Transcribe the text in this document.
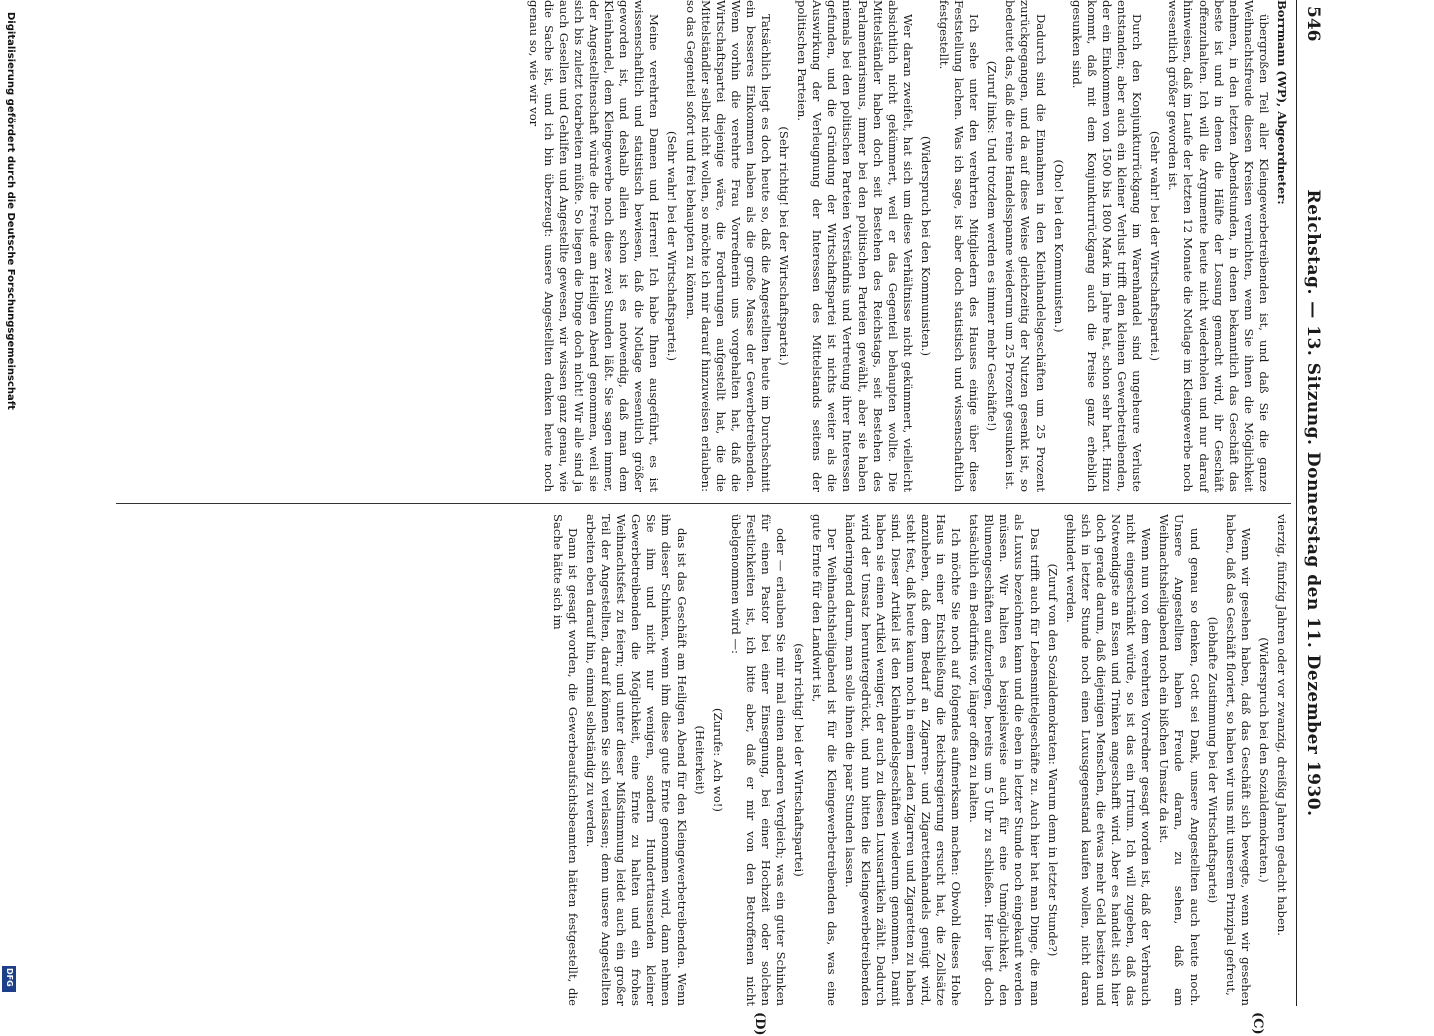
546
Reichstag. — 13. Sitzung. Donnerstag den 11. Dezember 1930.
(C)
(D)

Borrmann (WP), Abgeordneter:

übergroßen Teil aller Kleingewerbetreibenden ist, und daß Sie die ganze Weihnachtsfreude diesen Kreisen vernichten, wenn Sie ihnen die Möglichkeit nehmen, in den letzten Abendstunden, in denen bekanntlich das Geschäft das beste ist und in denen die Hälfte der Losung gemacht wird, ihr Geschäft offenzuhalten. Ich will die Argumente heute nicht wiederholen und nur darauf hinweisen, daß im Laufe der letzten 12 Monate die Notlage im Kleingewerbe noch wesentlich größer geworden ist.

(Sehr wahr! bei der Wirtschaftspartei.)

Durch den Konjunkturrückgang im Warenhandel sind ungeheure Verluste entstanden; aber auch ein kleiner Verlust trifft den kleinen Gewerbetreibenden, der ein Einkommen von 1500 bis 1800 Mark im Jahre hat, schon sehr hart. Hinzu kommt, daß mit dem Konjunkturrückgang auch die Preise ganz erheblich gesunken sind.

(Oho! bei den Kommunisten.)

Dadurch sind die Einnahmen in den Kleinhandelsgeschäften um 25 Prozent zurückgegangen, und da auf diese Weise gleichzeitig der Nutzen gesenkt ist, so bedeutet das, daß die reine Handelsspanne wiederum um 25 Prozent gesunken ist.

(Zuruf links: Und trotzdem werden es immer mehr Geschäfte!)

Ich sehe unter den verehrten Mitgliedern des Hauses einige über diese Feststellung lachen. Was ich sage, ist aber doch statistisch und wissenschaftlich festgestellt.

(Widerspruch bei den Kommunisten.)

Wer daran zweifelt, hat sich um diese Verhältnisse nicht gekümmert, vielleicht absichtlich nicht gekümmert, weil er das Gegenteil behaupten wollte. Die Mittelständler haben doch seit Bestehen des Reichstags, seit Bestehen des Parlamentarismus, immer bei den politischen Parteien gewählt, aber sie haben niemals bei den politischen Parteien Verständnis und Vertretung ihrer Interessen gefunden, und die Gründung der Wirtschaftspartei ist nichts weiter als die Auswirkung der Verleugnung der Interessen des Mittelstands seitens der politischen Parteien.

(Sehr richtig! bei der Wirtschaftspartei.)

Tatsächlich liegt es doch heute so, daß die Angestellten heute im Durchschnitt ein besseres Einkommen haben als die große Masse der Gewerbetreibenden. Wenn vorhin die verehrte Frau Vorrednerin uns vorgehalten hat, daß die Wirtschaftspartei diejenige wäre, die Forderungen aufgestellt hat, die die Mittelständler selbst nicht wollen, so möchte ich mir darauf hinzuweisen erlauben: so das Gegenteil sofort und frei behaupten zu können.

(Sehr wahr! bei der Wirtschaftspartei.)

Meine verehrten Damen und Herren! Ich habe Ihnen ausgeführt, es ist wissenschaftlich und statistisch bewiesen, daß die Notlage wesentlich größer geworden ist, und deshalb allein schon ist es notwendig, daß man dem Kleinhandel, dem Kleingewerbe noch diese zwei Stunden läßt. Sie sagen immer, der Angestelltenschaft würde die Freude am Heiligen Abend genommen, weil sie sich bis zuletzt totarbeiten müßte. So liegen die Dinge doch nicht! Wir alle sind ja auch Gesellen und Gehilfen und Angestellte gewesen, wir wissen ganz genau, wie die Sache ist, und ich bin überzeugt: unsere Angestellten denken heute noch genau so, wie wir vor

vierzig, fünfzig Jahren oder vor zwanzig, dreißig Jahren gedacht haben.

(Widerspruch bei den Sozialdemokraten.)

Wenn wir gesehen haben, daß das Geschäft sich bewegte, wenn wir gesehen haben, daß das Geschäft floriert, so haben wir uns mit unserem Prinzipal gefreut,

(lebhafte Zustimmung bei der Wirtschaftspartei)

und genau so denken, Gott sei Dank, unsere Angestellten auch heute noch. Unsere Angestellten haben Freude daran, zu sehen, daß am Weihnachtsheiligabend noch ein bißchen Umsatz da ist.

Wenn nun von dem verehrten Vorredner gesagt worden ist, daß der Verbrauch nicht eingeschränkt würde, so ist das ein Irrtum. Ich will zugeben, daß das Notwendigste an Essen und Trinken angeschafft wird. Aber es handelt sich hier doch gerade darum, daß diejenigen Menschen, die etwas mehr Geld besitzen und sich in letzter Stunde noch einen Luxusgegenstand kaufen wollen, nicht daran gehindert werden.

(Zuruf von den Sozialdemokraten: Warum denn in letzter Stunde?)

Das trifft auch für Lebensmittelgeschäfte zu. Auch hier hat man Dinge, die man als Luxus bezeichnen kann und die eben in letzter Stunde noch eingekauft werden müssen. Wir halten es beispielsweise auch für eine Unmöglichkeit, den Blumengeschäften aufzuerlegen, bereits um 5 Uhr zu schließen. Hier liegt doch tatsächlich ein Bedürfnis vor, länger offen zu halten.

Ich möchte Sie noch auf folgendes aufmerksam machen: Obwohl dieses Hohe Haus in einer Entschließung die Reichsregierung ersucht hat, die Zollsätze anzuheben, daß dem Bedarf an Zigarren- und Zigarettenhandels genügt wird, steht fest, daß heute kaum noch in einem Laden Zigarren und Zigaretten zu haben sind. Dieser Artikel ist den Kleinhandelsgeschäften wiederum genommen. Damit haben sie einen Artikel weniger, der auch zu diesen Luxusartikeln zählt. Dadurch wird der Umsatz heruntergedrückt, und nun bitten die Kleingewerbetreibenden händeringend darum, man solle ihnen die paar Stunden lassen.

Der Weihnachtsheiligabend ist für die Kleingewerbetreibenden das, was eine gute Ernte für den Landwirt ist,

(sehr richtig! bei der Wirtschaftspartei)

oder — erlauben Sie mir mal einen anderen Vergleich; was ein guter Schinken für einen Pastor bei einer Einsegnung, bei einer Hochzeit oder solchen Festlichkeiten ist, ich bitte aber, daß er mir von den Betroffenen nicht übelgenommen wird —:

(Zurufe: Ach wo!)

(Heiterkeit)

das ist das Geschäft am Heiligen Abend für den Kleingewerbetreibenden. Wenn ihm dieser Schinken, wenn ihm diese gute Ernte genommen wird, dann nehmen Sie ihm und nicht nur wenigen, sondern Hunderttausenden kleiner Gewerbetreibenden die Möglichkeit, eine Ernte zu halten und ein frohes Weihnachtsfest zu feiern; und unter dieser Mißstimmung leidet auch ein großer Teil der Angestellten, darauf können Sie sich verlassen; denn unsere Angestellten arbeiten eben darauf hin, einmal selbständig zu werden.

Dann ist gesagt worden, die Gewerbeaufsichtsbeamten hätten festgestellt, die Sache hätte sich im

Digitalisierung gefördert durch die Deutsche Forschungsgemeinschaft
DFG
